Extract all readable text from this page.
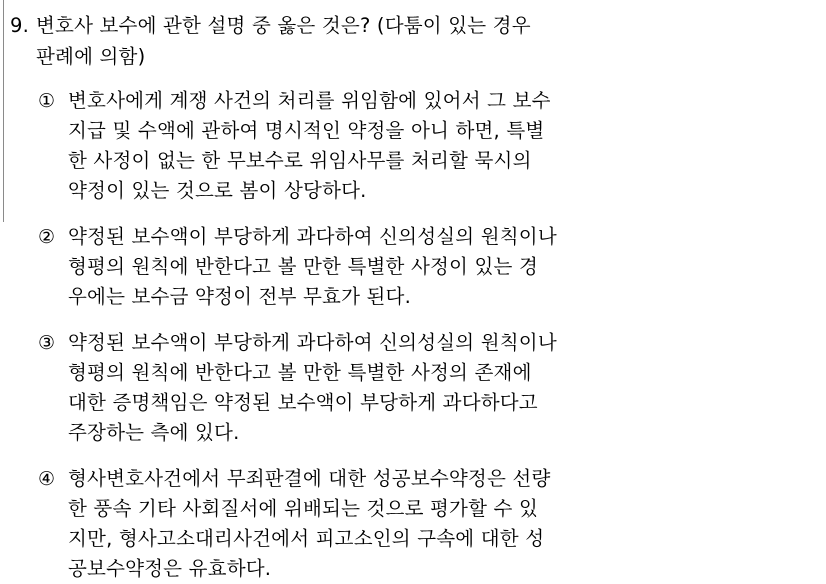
9. 변호사 보수에 관한 설명 중 옳은 것은? (다툼이 있는 경우
판례에 의함)
① 변호사에게 계쟁 사건의 처리를 위임함에 있어서 그 보수
지급 및 수액에 관하여 명시적인 약정을 아니 하면, 특별
한 사정이 없는 한 무보수로 위임사무를 처리할 묵시의
약정이 있는 것으로 봄이 상당하다.
② 약정된 보수액이 부당하게 과다하여 신의성실의 원칙이나
형평의 원칙에 반한다고 볼 만한 특별한 사정이 있는 경
우에는 보수금 약정이 전부 무효가 된다.
③ 약정된 보수액이 부당하게 과다하여 신의성실의 원칙이나
형평의 원칙에 반한다고 볼 만한 특별한 사정의 존재에
대한 증명책임은 약정된 보수액이 부당하게 과다하다고
주장하는 측에 있다.
④ 형사변호사건에서 무죄판결에 대한 성공보수약정은 선량
한 풍속 기타 사회질서에 위배되는 것으로 평가할 수 있
지만, 형사고소대리사건에서 피고소인의 구속에 대한 성
공보수약정은 유효하다.
